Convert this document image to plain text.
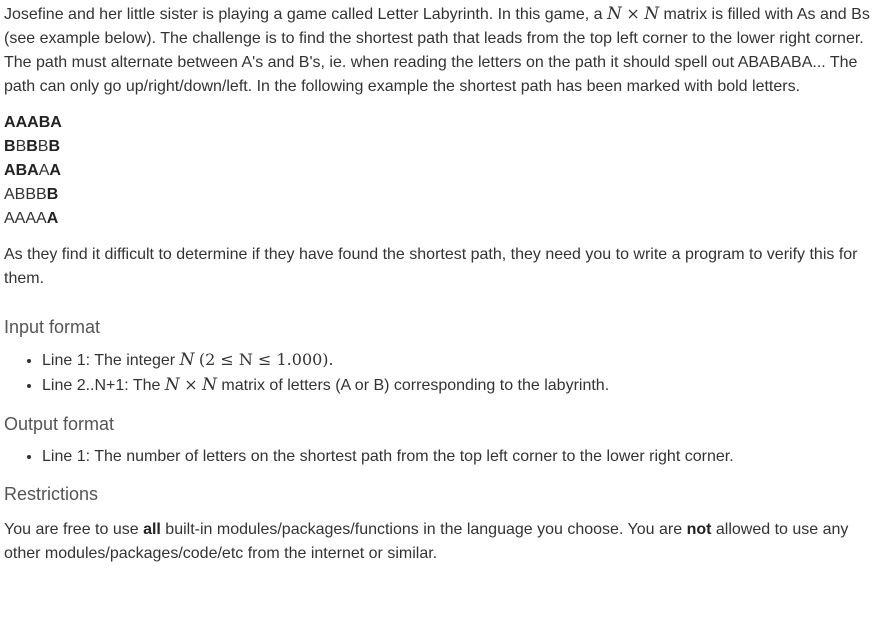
Josefine and her little sister is playing a game called Letter Labyrinth. In this game, a N × N matrix is filled with As and Bs (see example below). The challenge is to find the shortest path that leads from the top left corner to the lower right corner. The path must alternate between A's and B's, ie. when reading the letters on the path it should spell out ABABABA... The path can only go up/right/down/left. In the following example the shortest path has been marked with bold letters.

AAABA
BBBBB
ABAAA
ABBBB
AAAAA

As they find it difficult to determine if they have found the shortest path, they need you to write a program to verify this for them.

Input format
• Line 1: The integer N (2 ≤ N ≤ 1.000).
• Line 2..N+1: The N × N matrix of letters (A or B) corresponding to the labyrinth.
Output format
• Line 1: The number of letters on the shortest path from the top left corner to the lower right corner.
Restrictions

You are free to use all built-in modules/packages/functions in the language you choose. You are not allowed to use any other modules/packages/code/etc from the internet or similar.
